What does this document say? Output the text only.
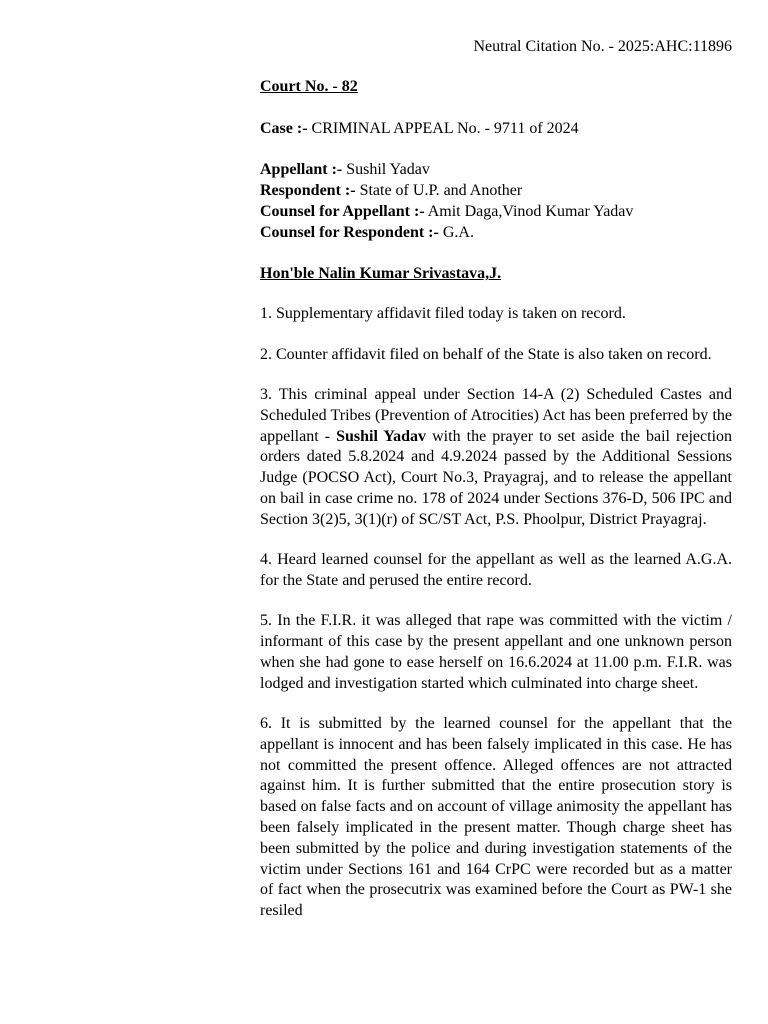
Neutral Citation No. - 2025:AHC:11896
Court No. - 82
Case :- CRIMINAL APPEAL No. - 9711 of 2024
Appellant :- Sushil Yadav
Respondent :- State of U.P. and Another
Counsel for Appellant :- Amit Daga,Vinod Kumar Yadav
Counsel for Respondent :- G.A.
Hon'ble Nalin Kumar Srivastava,J.

1. Supplementary affidavit filed today is taken on record.

2. Counter affidavit filed on behalf of the State is also taken on record.

3. This criminal appeal under Section 14-A (2) Scheduled Castes and Scheduled Tribes (Prevention of Atrocities) Act has been preferred by the appellant - Sushil Yadav with the prayer to set aside the bail rejection orders dated 5.8.2024 and 4.9.2024 passed by the Additional Sessions Judge (POCSO Act), Court No.3, Prayagraj, and to release the appellant on bail in case crime no. 178 of 2024 under Sections 376-D, 506 IPC and Section 3(2)5, 3(1)(r) of SC/ST Act, P.S. Phoolpur, District Prayagraj.

4. Heard learned counsel for the appellant as well as the learned A.G.A. for the State and perused the entire record.

5. In the F.I.R. it was alleged that rape was committed with the victim / informant of this case by the present appellant and one unknown person when she had gone to ease herself on 16.6.2024 at 11.00 p.m. F.I.R. was lodged and investigation started which culminated into charge sheet.

6. It is submitted by the learned counsel for the appellant that the appellant is innocent and has been falsely implicated in this case. He has not committed the present offence. Alleged offences are not attracted against him. It is further submitted that the entire prosecution story is based on false facts and on account of village animosity the appellant has been falsely implicated in the present matter. Though charge sheet has been submitted by the police and during investigation statements of the victim under Sections 161 and 164 CrPC were recorded but as a matter of fact when the prosecutrix was examined before the Court as PW-1 she resiled
